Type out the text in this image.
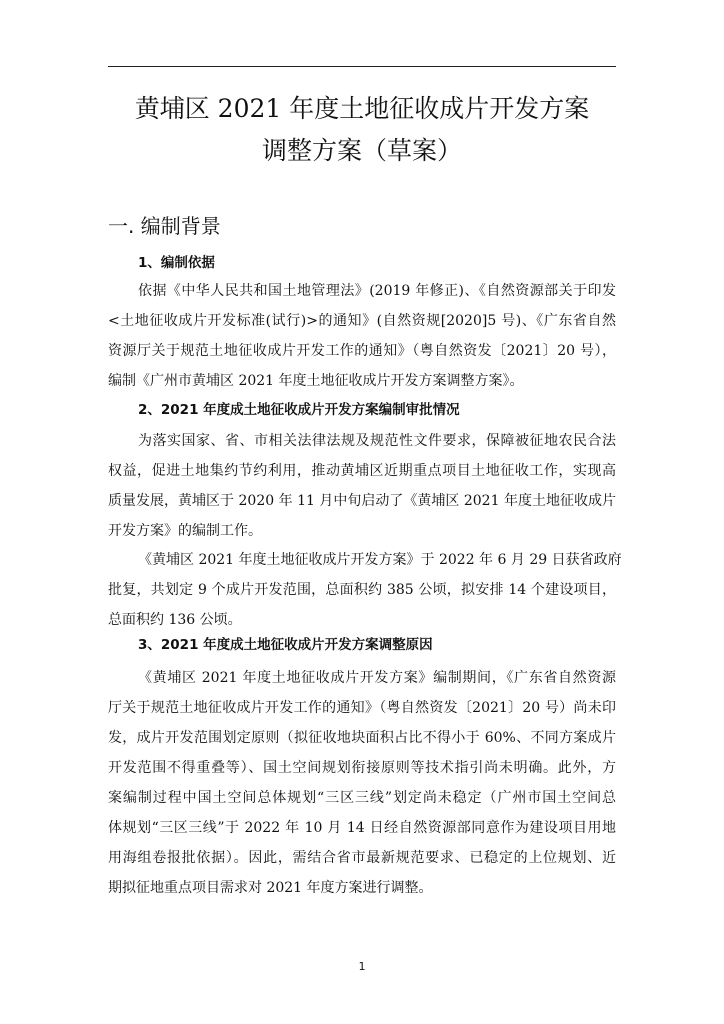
黄埔区 2021 年度土地征收成片开发方案
调整方案（草案）
一. 编制背景
1、编制依据
依据《中华人民共和国土地管理法》(2019 年修正)、《自然资源部关于印发
<土地征收成片开发标准(试行)>的通知》(自然资规[2020]5 号)、《广东省自然
资源厅关于规范土地征收成片开发工作的通知》（粤自然资发〔2021〕20 号），
编制《广州市黄埔区 2021 年度土地征收成片开发方案调整方案》。
2、2021 年度成土地征收成片开发方案编制审批情况
为落实国家、省、市相关法律法规及规范性文件要求，保障被征地农民合法
权益，促进土地集约节约利用，推动黄埔区近期重点项目土地征收工作，实现高
质量发展，黄埔区于 2020 年 11 月中旬启动了《黄埔区 2021 年度土地征收成片
开发方案》的编制工作。
《黄埔区 2021 年度土地征收成片开发方案》于 2022 年 6 月 29 日获省政府
批复，共划定 9 个成片开发范围，总面积约 385 公顷，拟安排 14 个建设项目，
总面积约 136 公顷。
3、2021 年度成土地征收成片开发方案调整原因
《黄埔区 2021 年度土地征收成片开发方案》编制期间，《广东省自然资源
厅关于规范土地征收成片开发工作的通知》（粤自然资发〔2021〕20 号）尚未印
发，成片开发范围划定原则（拟征收地块面积占比不得小于 60%、不同方案成片
开发范围不得重叠等）、国土空间规划衔接原则等技术指引尚未明确。此外，方
案编制过程中国土空间总体规划“三区三线”划定尚未稳定（广州市国土空间总
体规划“三区三线”于 2022 年 10 月 14 日经自然资源部同意作为建设项目用地
用海组卷报批依据）。因此，需结合省市最新规范要求、已稳定的上位规划、近
期拟征地重点项目需求对 2021 年度方案进行调整。
1
